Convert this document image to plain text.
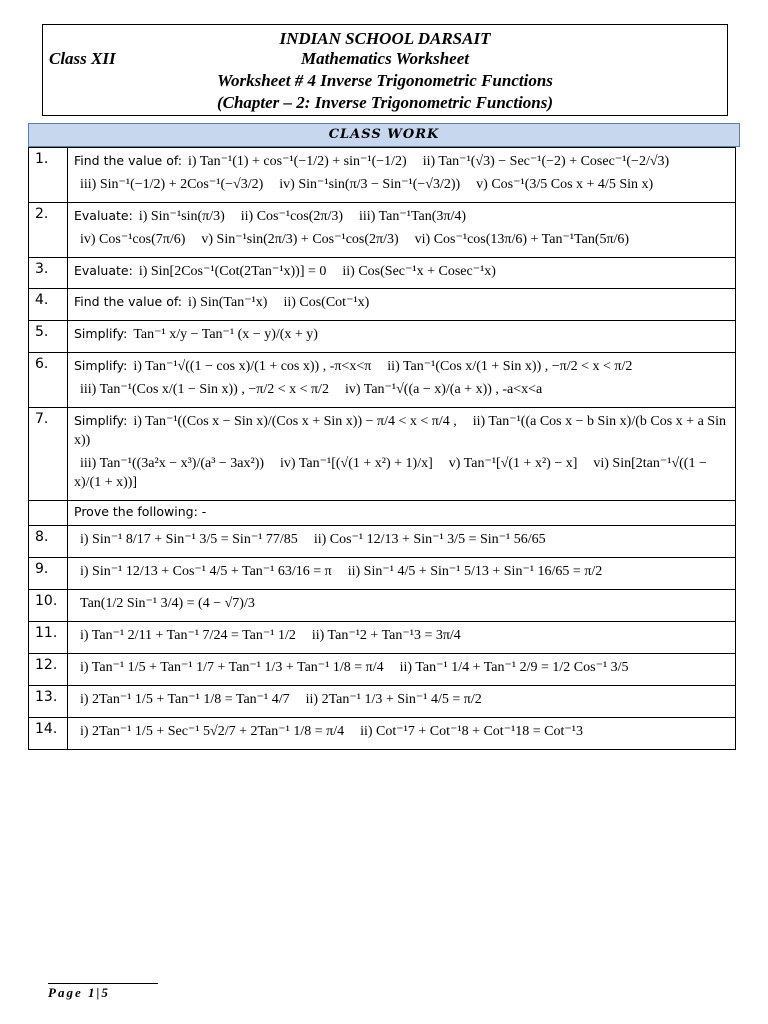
INDIAN SCHOOL DARSAIT
Class XII	Mathematics Worksheet
Worksheet # 4 Inverse Trigonometric Functions
(Chapter – 2: Inverse Trigonometric Functions)
CLASS WORK
1.	Find the value of: i) Tan⁻¹(1) + cos⁻¹(−1/2) + sin⁻¹(−1/2) ii) Tan⁻¹(√3) − Sec⁻¹(−2) + Cosec⁻¹(−2/√3)
iii) Sin⁻¹(−1/2) + 2Cos⁻¹(−√3/2) iv) Sin⁻¹sin(π/3 − Sin⁻¹(−√3/2)) v) Cos⁻¹(3/5 Cos x + 4/5 Sin x)

2.	Evaluate: i) Sin⁻¹sin(π/3) ii) Cos⁻¹cos(2π/3) iii) Tan⁻¹Tan(3π/4)
iv) Cos⁻¹cos(7π/6) v) Sin⁻¹sin(2π/3) + Cos⁻¹cos(2π/3) vi) Cos⁻¹cos(13π/6) + Tan⁻¹Tan(5π/6)

3.	Evaluate: i) Sin[2Cos⁻¹(Cot(2Tan⁻¹x))] = 0 ii) Cos(Sec⁻¹x + Cosec⁻¹x)

4.	Find the value of: i) Sin(Tan⁻¹x) ii) Cos(Cot⁻¹x)

5.	Simplify: Tan⁻¹ x/y − Tan⁻¹ (x − y)/(x + y)

6.	Simplify: i) Tan⁻¹√((1 − cos x)/(1 + cos x)) , -π<x<π ii) Tan⁻¹(Cos x/(1 + Sin x)) , −π/2 < x < π/2
iii) Tan⁻¹(Cos x/(1 − Sin x)) , −π/2 < x < π/2 iv) Tan⁻¹√((a − x)/(a + x)) , -a<x<a

7.	Simplify: i) Tan⁻¹((Cos x − Sin x)/(Cos x + Sin x)) − π/4 < x < π/4 , ii) Tan⁻¹((a Cos x − b Sin x)/(b Cos x + a Sin x))
iii) Tan⁻¹((3a²x − x³)/(a³ − 3ax²)) iv) Tan⁻¹[(√(1 + x²) + 1)/x] v) Tan⁻¹[√(1 + x²) − x] vi) Sin[2tan⁻¹√((1 − x)/(1 + x))]

	Prove the following: -
8.	i) Sin⁻¹ 8/17 + Sin⁻¹ 3/5 = Sin⁻¹ 77/85 ii) Cos⁻¹ 12/13 + Sin⁻¹ 3/5 = Sin⁻¹ 56/65

9.	i) Sin⁻¹ 12/13 + Cos⁻¹ 4/5 + Tan⁻¹ 63/16 = π ii) Sin⁻¹ 4/5 + Sin⁻¹ 5/13 + Sin⁻¹ 16/65 = π/2

10.	Tan(1/2 Sin⁻¹ 3/4) = (4 − √7)/3

11.	i) Tan⁻¹ 2/11 + Tan⁻¹ 7/24 = Tan⁻¹ 1/2 ii) Tan⁻¹2 + Tan⁻¹3 = 3π/4

12.	i) Tan⁻¹ 1/5 + Tan⁻¹ 1/7 + Tan⁻¹ 1/3 + Tan⁻¹ 1/8 = π/4 ii) Tan⁻¹ 1/4 + Tan⁻¹ 2/9 = 1/2 Cos⁻¹ 3/5

13.	i) 2Tan⁻¹ 1/5 + Tan⁻¹ 1/8 = Tan⁻¹ 4/7 ii) 2Tan⁻¹ 1/3 + Sin⁻¹ 4/5 = π/2

14.	i) 2Tan⁻¹ 1/5 + Sec⁻¹ 5√2/7 + 2Tan⁻¹ 1/8 = π/4 ii) Cot⁻¹7 + Cot⁻¹8 + Cot⁻¹18 = Cot⁻¹3
Page 1|5
